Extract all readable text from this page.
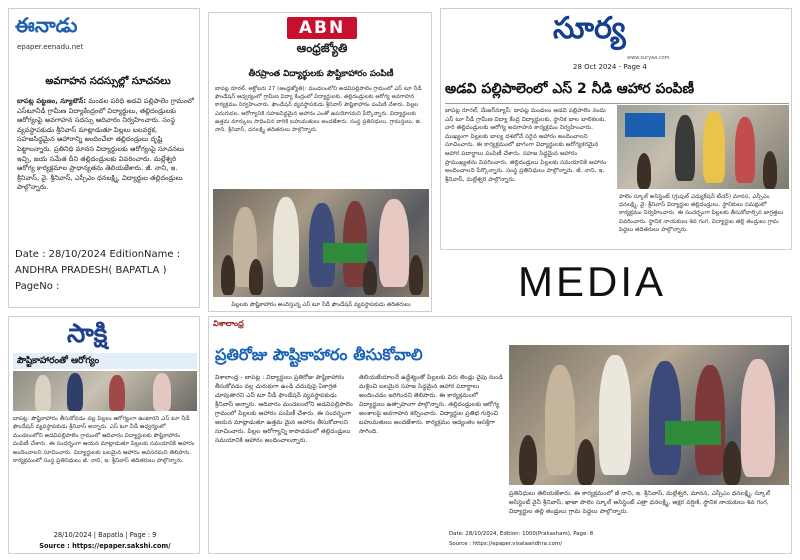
ఈనాడు
epaper.eenadu.net
అవగాహన సదస్సుల్లో సూచనలు
బాపట్ల పట్టణం, న్యూటౌన్: మండల పరిధి అడవి పల్లిపాలెం గ్రామంలో ఎస్‌టూనీడీ గ్రామీణ విద్యాకేంద్రంలో విద్యార్థులు, తల్లిదండ్రులకు ఆరోగ్యంపై అవగాహన సదస్సు ఆదివారం నిర్వహించారు. సంస్థ వ్యవస్థాపకుడు శ్రీనివాస్ మాట్లాడుతూ పిల్లలు బలవర్ధక, సహజసిద్ధమైన ఆహారాన్ని అందించేలా తల్లిదండ్రులు దృష్టి పెట్టాలన్నారు. ప్రతినిధి మానస విద్యార్థులకు ఆరోగ్యంపై సూచనలు ఇచ్చి, జయ సమేత దీని తల్లిదండ్రులకు వివరించారు. మల్లేశ్వరి ఆరోగ్య కార్యక్రమాల ప్రాధాన్యతను తెలియజేశారు. జీ. నాని, ఇ. శ్రీనివాస్, వై. శ్రీనివాస్, ఎస్సీఎం ధనలక్ష్మి, విద్యార్థుల తల్లిదండ్రులు పాల్గొన్నారు.
Date : 28/10/2024 EditionName :
ANDHRA PRADESH( BAPATLA )
PageNo :
ABN
ఆంధ్రజ్యోతి
తీరప్రాంత విద్యార్థులకు పౌష్టికాహారం పంపిణీ
బాపట్ల రూరల్, అక్టోబరు 27 (ఆంధ్రజ్యోతి): మండలంలోని అడవిపల్లిపాలెం గ్రామంలో ఎస్ టూ నీడీ ఫౌండేషన్ ఆధ్వర్యంలో గ్రామీణ విద్యా కేంద్రంలో విద్యార్థులకు, తల్లిదండ్రులకు ఆరోగ్య అవగాహన కార్యక్రమం నిర్వహించారు. ఫౌండేషన్ వ్యవస్థాపకుడు శ్రీనివాస్ పౌష్టికాహారం పంపిణీ చేశారు. పిల్లల ఎదుగుదల, ఆరోగ్యానికి సహజసిద్ధమైన ఆహారం ఎంతో ఉపయోగమని పేర్కొన్నారు. విద్యార్థులకు ఉత్తమ మార్కులు సాధించిన వారికి బహుమతులు అందజేశారు. సంస్థ ప్రతినిధులు, గ్రామస్తులు, జి. నాని, శ్రీనివాస్, ధనలక్ష్మి తదితరులు పాల్గొన్నారు.
పిల్లలకు పౌష్టికాహారం అందిస్తున్న ఎస్ టూ నీడీ ఫౌండేషన్ వ్యవస్థాపకుడు తదితరులు
సూర్య
www.suryaa.com
28 Oct 2024 - Page 4
అడవి పల్లిపాలెంలో ఎస్ 2 నీడి ఆహార పంపిణీ
బాపట్ల రూరల్, మేజర్‌న్యూస్: బాపట్ల మండలం అడవి పల్లిపాలెం నందు ఎస్ టూ నీడీ గ్రామీణ విద్యా కేంద్ర విద్యార్థులకు, స్థానిక బాల బాలికలకు, వారి తల్లిదండ్రులకు ఆరోగ్య అవగాహన కార్యక్రమం నిర్వహించారు. ముఖ్యంగా పిల్లలకు బాల్య దశలోనే సరైన ఆహారం అందించాలని సూచించారు. ఈ కార్యక్రమంలో భాగంగా విద్యార్థులకు ఆరోగ్యకరమైన ఆహార పదార్థాలు పంపిణీ చేశారు. సహజ సిద్ధమైన ఆహారం ప్రాముఖ్యతను వివరించారు. తల్లిదండ్రులు పిల్లలకు సమయానికి ఆహారం అందించాలని పేర్కొన్నారు. సంస్థ ప్రతినిధులు పాల్గొన్నారు. జీ. నాని, ఇ. శ్రీనివాస్, మల్లేశ్వరి పాల్గొన్నారు.
పాలెం స్కూల్ అసిస్టెంట్ (గ్రుపుల్ ఎడ్యుకేషన్ టీచర్) మానస, ఎస్సీఎం ధనలక్ష్మి, వై. శ్రీనివాస్ విద్యార్థుల తల్లిదండ్రులు, స్థానికులు సమక్షంలో కార్యక్రమం నిర్వహించారు. ఈ సందర్భంగా పిల్లలకు తీసుకోవాల్సిన జాగ్రత్తలు వివరించారు. స్థానిక నాయకులు శివ గంగ, విద్యార్థుల తల్లి తండ్రులు గ్రామ పెద్దలు తదితరులు పాల్గొన్నారు.
MEDIA
సాక్షి
పౌష్టికాహారంతో ఆరోగ్యం
బాపట్ల: పౌష్టికాహారం తీసుకోవడం వల్ల పిల్లలు ఆరోగ్యంగా ఉంటారని ఎస్ టూ నీడీ ఫౌండేషన్ వ్యవస్థాపకుడు శ్రీనివాస్ అన్నారు. ఎస్ టూ నీడీ ఆధ్వర్యంలో మండలంలోని అడవిపల్లిపాలెం గ్రామంలో ఆదివారం విద్యార్థులకు పౌష్టికాహారం పంపిణీ చేశారు. ఈ సందర్భంగా ఆయన మాట్లాడుతూ పిల్లలకు సమయానికి ఆహారం అందించాలని సూచించారు. విద్యార్థులకు బలమైన ఆహారం అవసరమని తెలిపారు. కార్యక్రమంలో సంస్థ ప్రతినిధులు జీ. నాని, ఇ. శ్రీనివాస్ తదితరులు పాల్గొన్నారు.
28/10/2024 | Bapatla | Page : 9
Source : https://epaper.sakshi.com/
విశాలాంధ్ర
ప్రతిరోజు పౌష్టికాహారం తీసుకోవాలి
విశాలాంధ్ర - బాపట్ల : విద్యార్థులు ప్రతిరోజు పౌష్టికాహారం తీసుకోవడం వల్ల చురుకుగా ఉండి చదువుపై ఏకాగ్రత చూపుతారని ఎస్ టూ నీడీ ఫౌండేషన్ వ్యవస్థాపకుడు శ్రీనివాస్ అన్నారు. ఆదివారం మండలంలోని అడవిపల్లిపాలెం గ్రామంలో పిల్లలకు ఆహారం పంపిణీ చేశారు. ఈ సందర్భంగా ఆయన మాట్లాడుతూ ఉత్తమ మైన ఆహారం తీసుకోవాలని సూచించారు. పిల్లల ఆరోగ్యాన్ని కాపాడడంలో తల్లిదండ్రులు సమయానికి ఆహారం అందించాలన్నారు.
తెలియజేయాలనే ఉద్దేశ్యంతో పిల్లలకు చిరు తిండ్లు వైపు నుండి మళ్లించి బలమైన సహజ సిద్ధమైన ఆహార పదార్థాలు అందించడం జరిగిందని తెలిపారు. ఈ కార్యక్రమంలో విద్యార్థులు ఉత్సాహంగా పాల్గొన్నారు. తల్లిదండ్రులకు ఆరోగ్య అంశాలపై అవగాహన కల్పించారు. విద్యార్థుల ప్రతిభ గుర్తించి బహుమతులు అందజేశారు. కార్యక్రమం ఆద్యంతం ఆసక్తిగా సాగింది.
ప్రతినిధులు తెలియజేశారు. ఈ కార్యక్రమంలో జీ నాని, ఇ. శ్రీనివాస్, మల్లేశ్వరి, మానస, ఎస్సీఎం ధనలక్ష్మి, స్కూల్ అసిస్టెంట్ వైనీ శ్రీనివాస్, ఖాజా పాలెం స్కూల్ అసిస్టెంట్ ఎత్రా ధనలక్ష్మి, అక్షర వర్షిణి, స్థానిక నాయకులు శివ గంగ, విద్యార్థుల తల్లి తండ్రులు గ్రామ పెద్దలు పాల్గొన్నారు.
Date: 28/10/2024, Edition: 1000(Prakasham), Page: 8
Source : https://epaper.visalaandhra.com/
